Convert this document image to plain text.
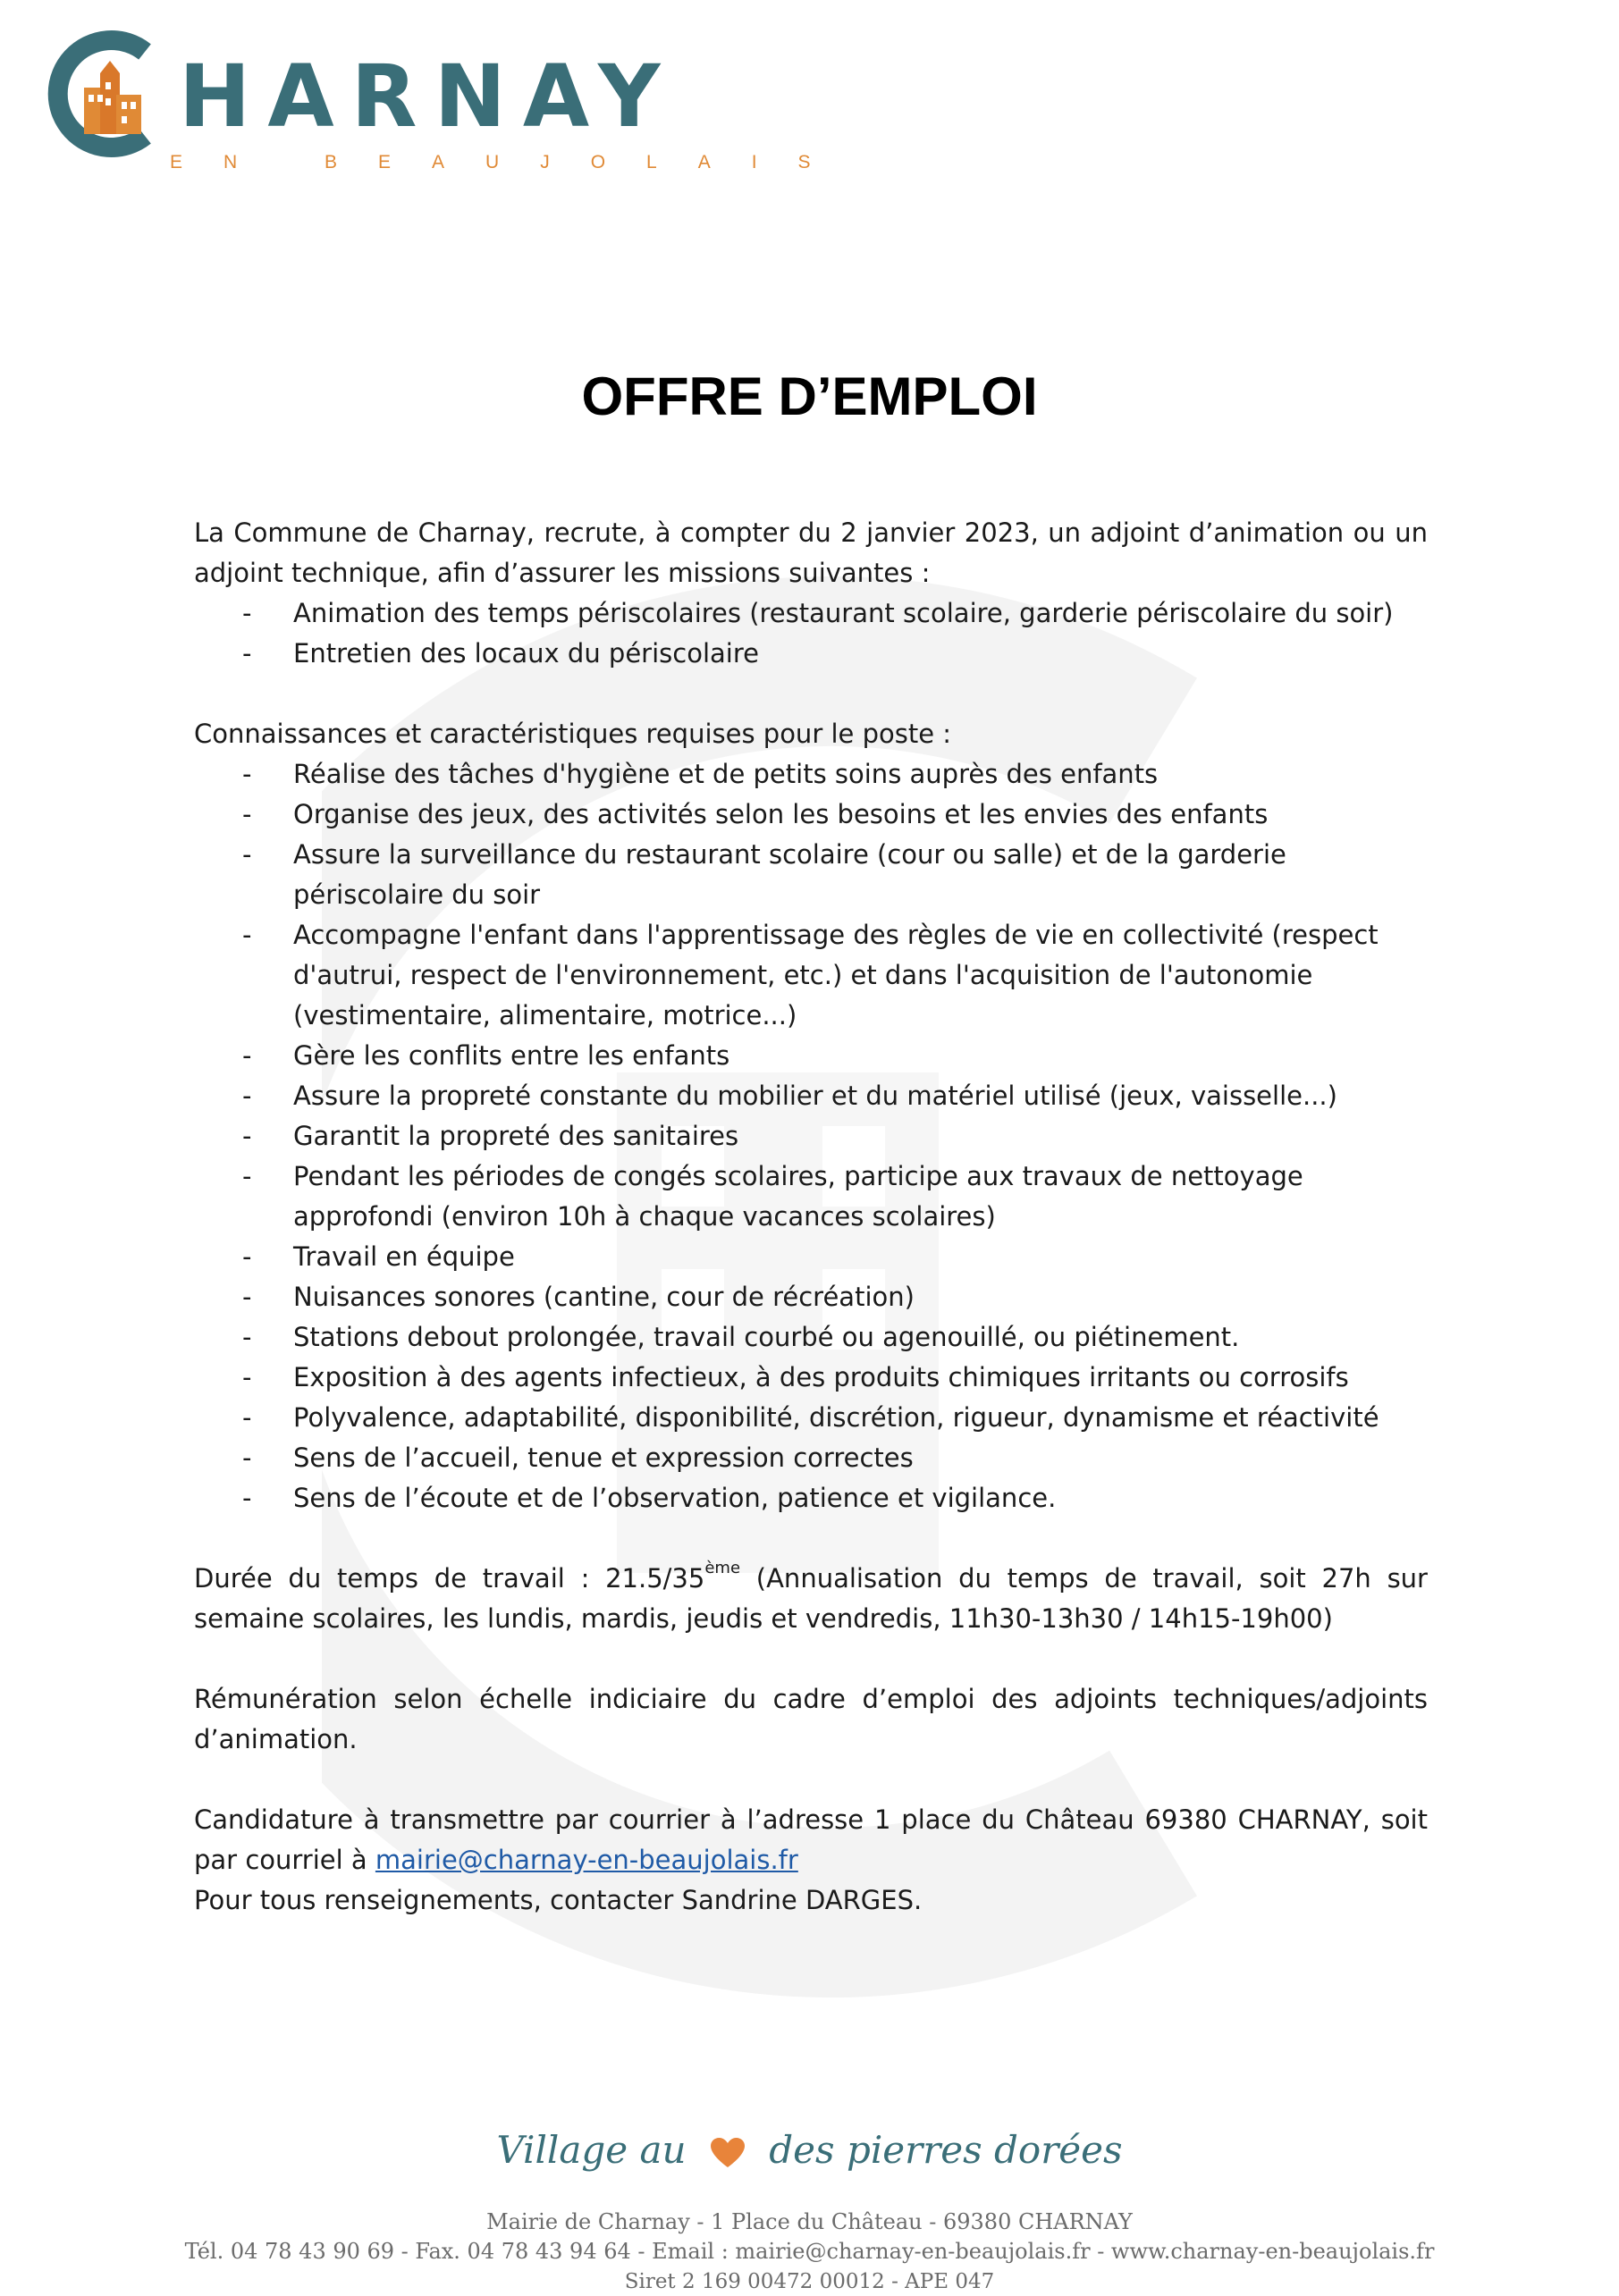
HARNAY
EN BEAUJOLAIS
OFFRE D’EMPLOI

La Commune de Charnay, recrute, à compter du 2 janvier 2023, un adjoint d’animation ou un adjoint technique, afin d’assurer les missions suivantes :

- Animation des temps périscolaires (restaurant scolaire, garderie périscolaire du soir)
- Entretien des locaux du périscolaire

Connaissances et caractéristiques requises pour le poste :

- Réalise des tâches d'hygiène et de petits soins auprès des enfants
- Organise des jeux, des activités selon les besoins et les envies des enfants
- Assure la surveillance du restaurant scolaire (cour ou salle) et de la garderie périscolaire du soir
- Accompagne l'enfant dans l'apprentissage des règles de vie en collectivité (respect d'autrui, respect de l'environnement, etc.) et dans l'acquisition de l'autonomie (vestimentaire, alimentaire, motrice...)
- Gère les conflits entre les enfants
- Assure la propreté constante du mobilier et du matériel utilisé (jeux, vaisselle...)
- Garantit la propreté des sanitaires
- Pendant les périodes de congés scolaires, participe aux travaux de nettoyage approfondi (environ 10h à chaque vacances scolaires)
- Travail en équipe
- Nuisances sonores (cantine, cour de récréation)
- Stations debout prolongée, travail courbé ou agenouillé, ou piétinement.
- Exposition à des agents infectieux, à des produits chimiques irritants ou corrosifs
- Polyvalence, adaptabilité, disponibilité, discrétion, rigueur, dynamisme et réactivité
- Sens de l’accueil, tenue et expression correctes
- Sens de l’écoute et de l’observation, patience et vigilance.

Durée du temps de travail : 21.5/35ème (Annualisation du temps de travail, soit 27h sur semaine scolaires, les lundis, mardis, jeudis et vendredis, 11h30-13h30 / 14h15-19h00)

Rémunération selon échelle indiciaire du cadre d’emploi des adjoints techniques/adjoints d’animation.

Candidature à transmettre par courrier à l’adresse 1 place du Château 69380 CHARNAY, soit par courriel à mairie@charnay-en-beaujolais.fr

Pour tous renseignements, contacter Sandrine DARGES.

Village au des pierres dorées
Mairie de Charnay - 1 Place du Château - 69380 CHARNAY
Tél. 04 78 43 90 69 - Fax. 04 78 43 94 64 - Email : mairie@charnay-en-beaujolais.fr - www.charnay-en-beaujolais.fr
Siret 2 169 00472 00012 - APE 047
